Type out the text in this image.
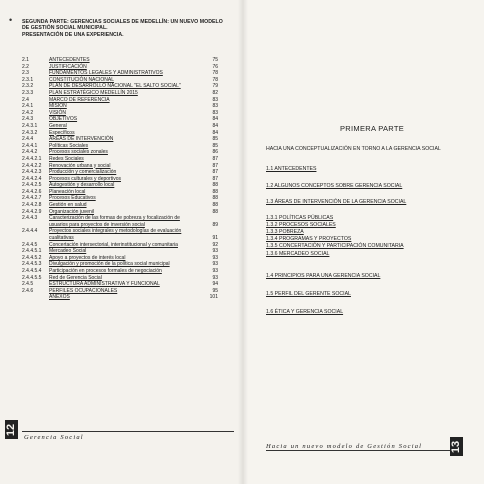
• SEGUNDA PARTE: GERENCIAS SOCIALES DE MEDELLÍN: UN NUEVO MODELO
DE GESTIÓN SOCIAL MUNICIPAL.
PRESENTACIÓN DE UNA EXPERIENCIA.
2.1	ANTECEDENTES	75
2.2	JUSTIFICACIÓN	76
2.3	FUNDAMENTOS LEGALES Y ADMINISTRATIVOS	78
2.3.1	CONSTITUCIÓN NACIONAL	78
2.3.2	PLAN DE DESARROLLO NACIONAL "EL SALTO SOCIAL"	79
2.3.3	PLAN ESTRATÉGICO MEDELLÍN 2015	82
2.4	MARCO DE REFERENCIA	83
2.4.1	MISIÓN	83
2.4.2	VISIÓN	83
2.4.3	OBJETIVOS	84
2.4.3.1	General	84
2.4.3.2	Específicos	84
2.4.4	ÁREAS DE INTERVENCIÓN	85
2.4.4.1	Políticas Sociales	85
2.4.4.2	Procesos sociales zonales	86
2.4.4.2.1	Redes Sociales	87
2.4.4.2.2	Renovación urbana y social	87
2.4.4.2.3	Producción y comercialización	87
2.4.4.2.4	Procesos culturales y deportivos	87
2.4.4.2.5	Autogestión y desarrollo local	88
2.4.4.2.6	Planeación local	88
2.4.4.2.7	Procesos Educativos	88
2.4.4.2.8	Gestión en salud	88
2.4.4.2.9	Organización juvenil	88
2.4.4.3	Caracterización de las formas de pobreza y focalización de usuarios para proyectos de inversión social	89
2.4.4.4	Proyectos sociales integrales y metodologías de evaluación cualitativas	91
2.4.4.5	Concertación intersectorial, interinstitucional y comunitaria	92
2.4.4.5.1	Mercadeo Social	93
2.4.4.5.2	Apoyo a proyectos de interés local	93
2.4.4.5.3	Divulgación y promoción de la política social municipal	93
2.4.4.5.4	Participación en procesos formales de negociación	93
2.4.4.5.5	Red de Gerencia Social	93
2.4.5	ESTRUCTURA ADMINISTRATIVA Y FUNCIONAL	94
2.4.6	PERFILES OCUPACIONALES	95
ANEXOS	101
12
Gerencia Social
PRIMERA PARTE
HACIA UNA CONCEPTUALIZACIÓN EN TORNO A LA GERENCIA SOCIAL
1.1 ANTECEDENTES
1.2 ALGUNOS CONCEPTOS SOBRE GERENCIA SOCIAL
1.3 ÁREAS DE INTERVENCIÓN DE LA GERENCIA SOCIAL
1.3.1 POLÍTICAS PÚBLICAS
1.3.2 PROCESOS SOCIALES
1.3.3 POBREZA
1.3.4 PROGRAMAS Y PROYECTOS
1.3.5 CONCERTACIÓN Y PARTICIPACIÓN COMUNITARIA
1.3.6 MERCADEO SOCIAL
1.4 PRINCIPIOS PARA UNA GERENCIA SOCIAL
1.5 PERFIL DEL GERENTE SOCIAL
1.6 ÉTICA Y GERENCIA SOCIAL
Hacia un nuevo modelo de Gestión Social	13
